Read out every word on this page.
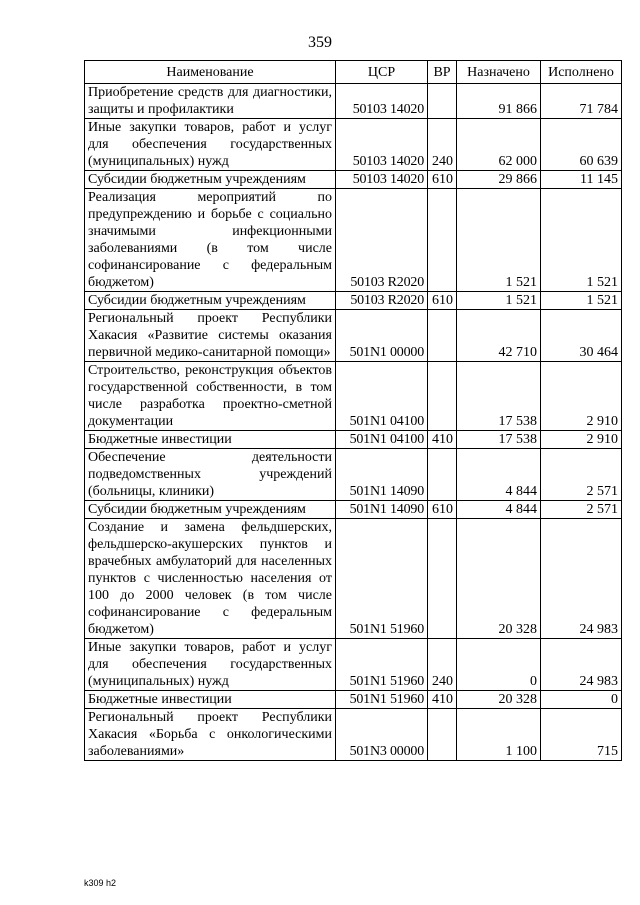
359
Наименование	ЦСР	ВР	Назначено	Исполнено
Приобретение средств для диагностики, защиты и профилактики	50103 14020		91 866	71 784
Иные закупки товаров, работ и услуг для обеспечения государственных (муниципальных) нужд	50103 14020	240	62 000	60 639
Субсидии бюджетным учреждениям	50103 14020	610	29 866	11 145
Реализация мероприятий по предупреждению и борьбе с социально значимыми инфекционными заболеваниями (в том числе софинансирование с федеральным бюджетом)	50103 R2020		1 521	1 521
Субсидии бюджетным учреждениям	50103 R2020	610	1 521	1 521
Региональный проект Республики Хакасия «Развитие системы оказания первичной медико-санитарной помощи»	501N1 00000		42 710	30 464
Строительство, реконструкция объектов государственной собственности, в том числе разработка проектно-сметной документации	501N1 04100		17 538	2 910
Бюджетные инвестиции	501N1 04100	410	17 538	2 910
Обеспечение деятельности подведомственных учреждений (больницы, клиники)	501N1 14090		4 844	2 571
Субсидии бюджетным учреждениям	501N1 14090	610	4 844	2 571
Создание и замена фельдшерских, фельдшерско-акушерских пунктов и врачебных амбулаторий для населенных пунктов с численностью населения от 100 до 2000 человек (в том числе софинансирование с федеральным бюджетом)	501N1 51960		20 328	24 983
Иные закупки товаров, работ и услуг для обеспечения государственных (муниципальных) нужд	501N1 51960	240	0	24 983
Бюджетные инвестиции	501N1 51960	410	20 328	0
Региональный проект Республики Хакасия «Борьба с онкологическими заболеваниями»	501N3 00000		1 100	715
k309 h2
